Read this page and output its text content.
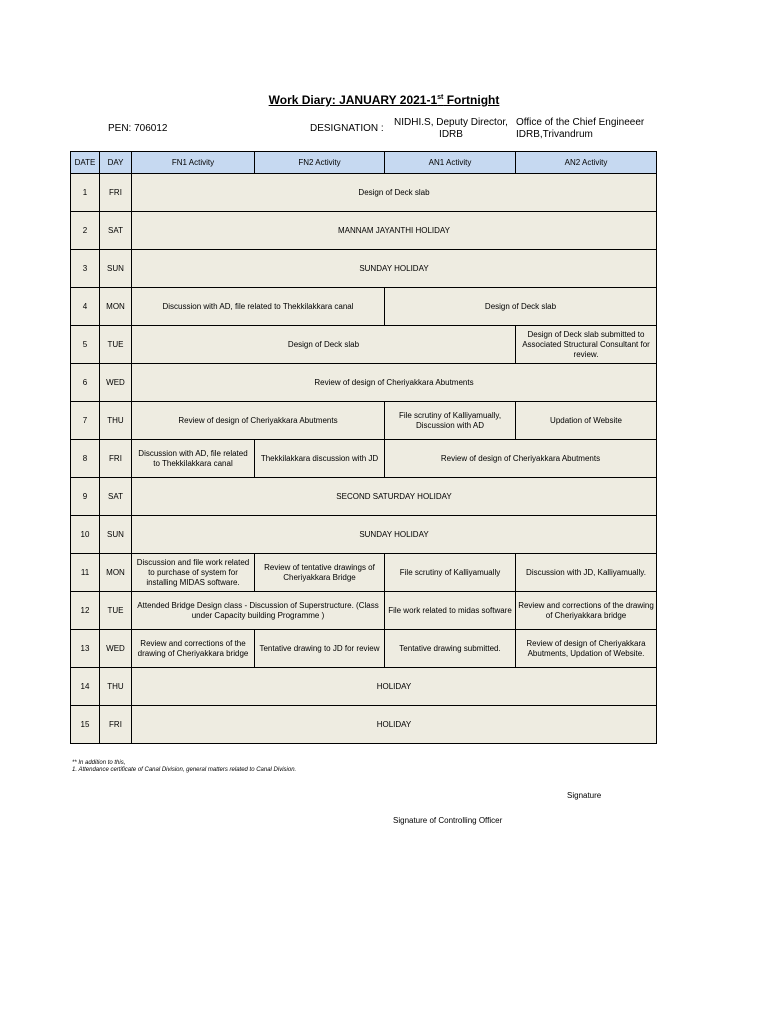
Work Diary: JANUARY 2021-1st Fortnight
PEN: 706012	DESIGNATION :
NIDHI.S, Deputy Director,
IDRB
Office of the Chief Engineeer
IDRB,Trivandrum
DATE	DAY	FN1 Activity	FN2 Activity	AN1 Activity	AN2 Activity
1	FRI	Design of Deck slab			
2	SAT	MANNAM JAYANTHI HOLIDAY			
3	SUN	SUNDAY HOLIDAY			
4	MON	Discussion with AD, file related to Thekkilakkara canal		Design of Deck slab	
5	TUE	Design of Deck slab			Design of Deck slab submitted to Associated Structural Consultant for review.
6	WED	Review of design of Cheriyakkara Abutments			
7	THU	Review of design of Cheriyakkara Abutments		File scrutiny of Kalliyamually, Discussion with AD	Updation of Website
8	FRI	Discussion with AD, file related to Thekkilakkara canal	Thekkilakkara discussion with JD	Review of design of Cheriyakkara Abutments	
9	SAT	SECOND SATURDAY HOLIDAY			
10	SUN	SUNDAY HOLIDAY			
11	MON	Discussion and file work related to purchase of system for installing MIDAS software.	Review of tentative drawings of Cheriyakkara Bridge	File scrutiny of Kalliyamually	Discussion with JD, Kalliyamually.
12	TUE	Attended Bridge Design class - Discussion of Superstructure. (Class under Capacity building Programme )		File work related to midas software	Review and corrections of the drawing of Cheriyakkara bridge
13	WED	Review and corrections of the drawing of Cheriyakkara bridge	Tentative drawing to JD for review	Tentative drawing submitted.	Review of design of Cheriyakkara Abutments, Updation of Website.
14	THU	HOLIDAY			
15	FRI	HOLIDAY			
** In addition to this,
1. Attendance certificate of Canal Division, general matters related to Canal Division.
Signature
Signature of Controlling Officer
